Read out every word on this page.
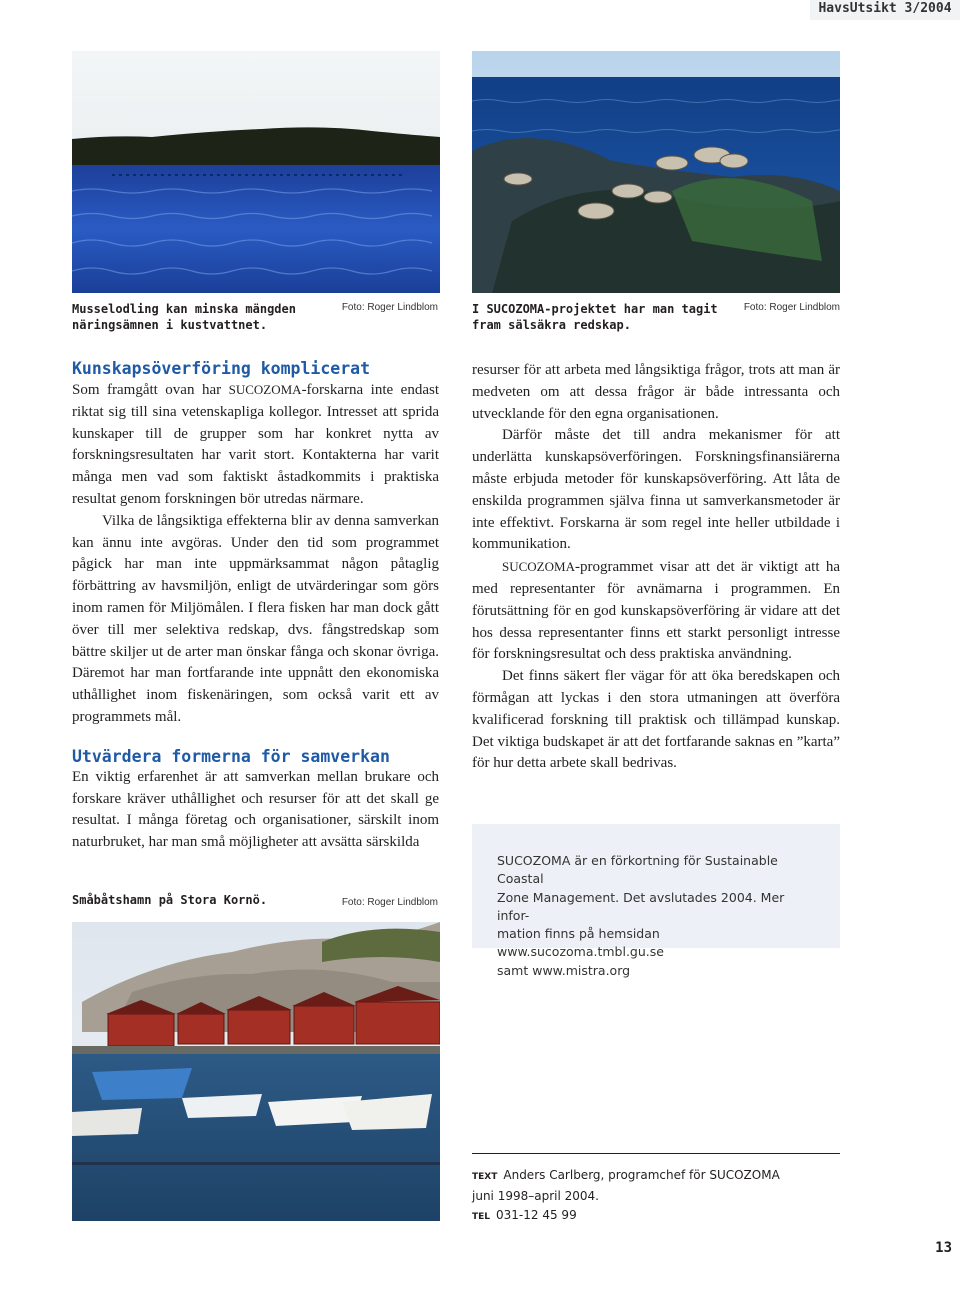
HavsUtsikt 3/2004
Musselodling kan minska mängden
näringsämnen i kustvattnet.
Foto: Roger Lindblom	I SUCOZOMA-projektet har man tagit
fram sälsäkra redskap.
Foto: Roger Lindblom
Kunskapsöverföring komplicerat

Som framgått ovan har SUCOZOMA-forskarna inte endast riktat sig till sina vetenskapliga kollegor. Intresset att sprida kunskaper till de grupper som har konkret nytta av forskningsresultaten har varit stort. Kontakterna har varit många men vad som faktiskt åstadkommits i praktiska resultat genom forskningen bör utredas närmare.

Vilka de långsiktiga effekterna blir av denna samverkan kan ännu inte avgöras. Under den tid som programmet pågick har man inte uppmärksammat någon påtaglig förbättring av havsmiljön, enligt de utvärderingar som görs inom ramen för Miljömålen. I flera fisken har man dock gått över till mer selektiva redskap, dvs. fångstredskap som bättre skiljer ut de arter man önskar fånga och skonar övriga. Däremot har man fortfarande inte uppnått den ekonomiska uthållighet inom fiskenäringen, som också varit ett av programmets mål.

Utvärdera formerna för samverkan

En viktig erfarenhet är att samverkan mellan brukare och forskare kräver uthållighet och resurser för att det skall ge resultat. I många företag och organisationer, särskilt inom naturbruket, har man små möjligheter att avsätta särskilda

resurser för att arbeta med långsiktiga frågor, trots att man är medveten om att dessa frågor är både intressanta och utvecklande för den egna organisationen.

Därför måste det till andra mekanismer för att underlätta kunskapsöverföringen. Forskningsfinansiärerna måste erbjuda metoder för kunskapsöverföring. Att låta de enskilda programmen själva finna ut samverkansmetoder är inte effektivt. Forskarna är som regel inte heller utbildade i kommunikation.

SUCOZOMA-programmet visar att det är viktigt att ha med representanter för avnämarna i programmen. En förutsättning för en god kunskapsöverföring är vidare att det hos dessa representanter finns ett starkt personligt intresse för forskningsresultat och dess praktiska användning.

Det finns säkert fler vägar för att öka beredskapen och förmågan att lyckas i den stora utmaningen att överföra kvalificerad forskning till praktisk och tillämpad kunskap. Det viktiga budskapet är att det fortfarande saknas en ”karta” för hur detta arbete skall bedrivas.

SUCOZOMA är en förkortning för Sustainable Coastal

Zone Management. Det avslutades 2004. Mer infor-

mation finns på hemsidan www.sucozoma.tmbl.gu.se

samt www.mistra.org

Småbåtshamn på Stora Kornö.	Foto: Roger Lindblom
TEXT Anders Carlberg, programchef för SUCOZOMA
juni 1998–april 2004.
TEL 031-12 45 99
13
